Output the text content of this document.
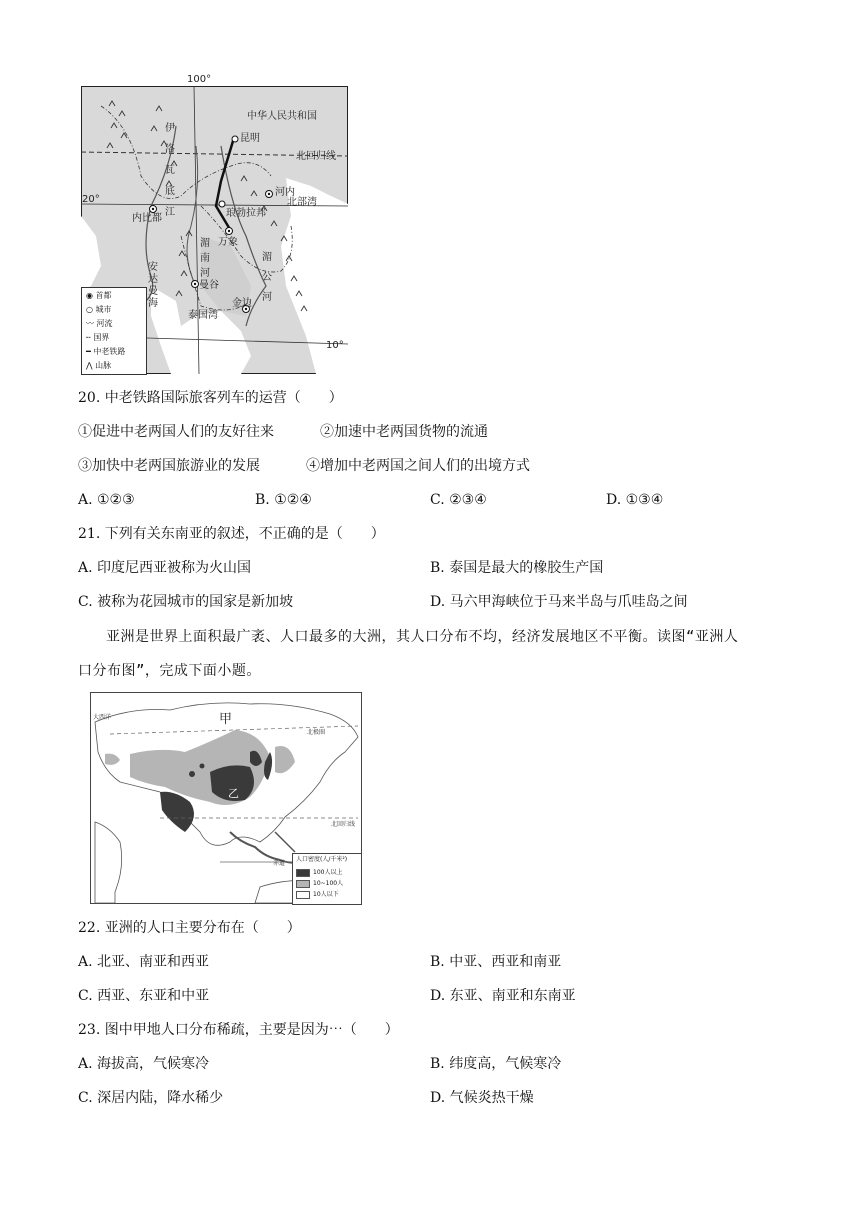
100°
20°
10°
中华人民共和国
北回归线
北部湾
泰国湾
昆明
河内
琅勃拉邦
万象
内比都
曼谷
金边
伊洛瓦底江
湄公河
湄南河
安达曼海
◉ 首都
○ 城市
〰 河流
╌ 国界
━ 中老铁路
⋀ 山脉
20. 中老铁路国际旅客列车的运营（　　）
①促进中老两国人们的友好往来	②加速中老两国货物的流通
③加快中老两国旅游业的发展	④增加中老两国之间人们的出境方式
A. ①②③	B. ①②④	C. ②③④	D. ①③④
21. 下列有关东南亚的叙述，不正确的是（　　）
A. 印度尼西亚被称为火山国	B. 泰国是最大的橡胶生产国
C. 被称为花园城市的国家是新加坡	D. 马六甲海峡位于马来半岛与爪哇岛之间
亚洲是世界上面积最广袤、人口最多的大洲，其人口分布不均，经济发展地区不平衡。读图“亚洲人
口分布图”，完成下面小题。
甲
乙
大西洋
北极圈
北回归线
赤道
人口密度(人/千米²)
100人以上
10~100人
10人以下
22. 亚洲的人口主要分布在（　　）
A. 北亚、南亚和西亚	B. 中亚、西亚和南亚
C. 西亚、东亚和中亚	D. 东亚、南亚和东南亚
23. 图中甲地人口分布稀疏，主要是因为⋯（　　）
A. 海拔高，气候寒冷	B. 纬度高，气候寒冷
C. 深居内陆，降水稀少	D. 气候炎热干燥
